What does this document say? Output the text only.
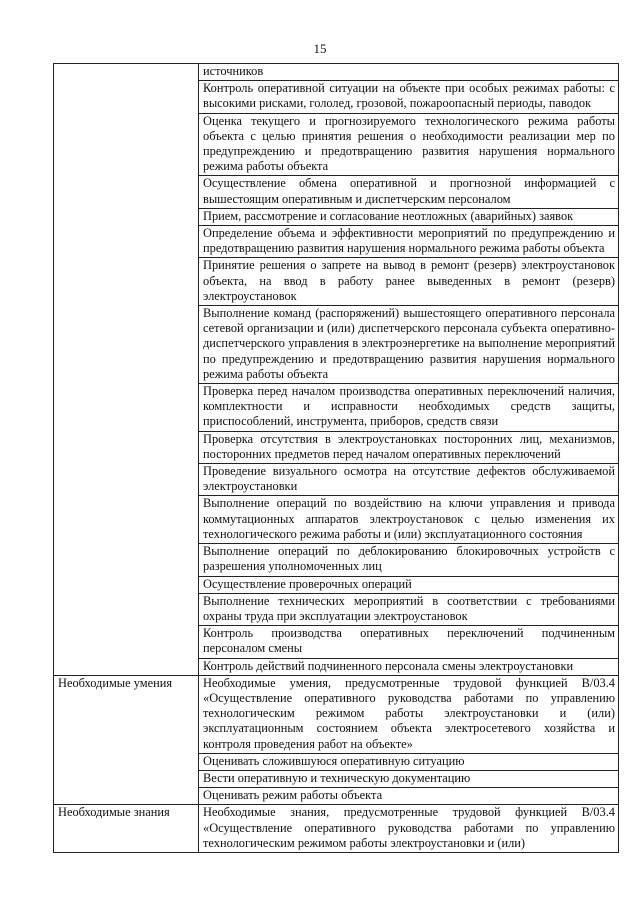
15
	источников
	Контроль оперативной ситуации на объекте при особых режимах работы: с высокими рисками, гололед, грозовой, пожароопасный периоды, паводок
	Оценка текущего и прогнозируемого технологического режима работы объекта с целью принятия решения о необходимости реализации мер по предупреждению и предотвращению развития нарушения нормального режима работы объекта
	Осуществление обмена оперативной и прогнозной информацией с вышестоящим оперативным и диспетчерским персоналом
	Прием, рассмотрение и согласование неотложных (аварийных) заявок
	Определение объема и эффективности мероприятий по предупреждению и предотвращению развития нарушения нормального режима работы объекта
	Принятие решения о запрете на вывод в ремонт (резерв) электроустановок объекта, на ввод в работу ранее выведенных в ремонт (резерв) электроустановок
	Выполнение команд (распоряжений) вышестоящего оперативного персонала сетевой организации и (или) диспетчерского персонала субъекта оперативно-диспетчерского управления в электроэнергетике на выполнение мероприятий по предупреждению и предотвращению развития нарушения нормального режима работы объекта
	Проверка перед началом производства оперативных переключений наличия, комплектности и исправности необходимых средств защиты, приспособлений, инструмента, приборов, средств связи
	Проверка отсутствия в электроустановках посторонних лиц, механизмов, посторонних предметов перед началом оперативных переключений
	Проведение визуального осмотра на отсутствие дефектов обслуживаемой электроустановки
	Выполнение операций по воздействию на ключи управления и привода коммутационных аппаратов электроустановок с целью изменения их технологического режима работы и (или) эксплуатационного состояния
	Выполнение операций по деблокированию блокировочных устройств с разрешения уполномоченных лиц
	Осуществление проверочных операций
	Выполнение технических мероприятий в соответствии с требованиями охраны труда при эксплуатации электроустановок
	Контроль производства оперативных переключений подчиненным персоналом смены
	Контроль действий подчиненного персонала смены электроустановки
Необходимые умения	Необходимые умения, предусмотренные трудовой функцией В/03.4 «Осуществление оперативного руководства работами по управлению технологическим режимом работы электроустановки и (или) эксплуатационным состоянием объекта электросетевого хозяйства и контроля проведения работ на объекте»
	Оценивать сложившуюся оперативную ситуацию
	Вести оперативную и техническую документацию
	Оценивать режим работы объекта
Необходимые знания	Необходимые знания, предусмотренные трудовой функцией В/03.4 «Осуществление оперативного руководства работами по управлению технологическим режимом работы электроустановки и (или)
